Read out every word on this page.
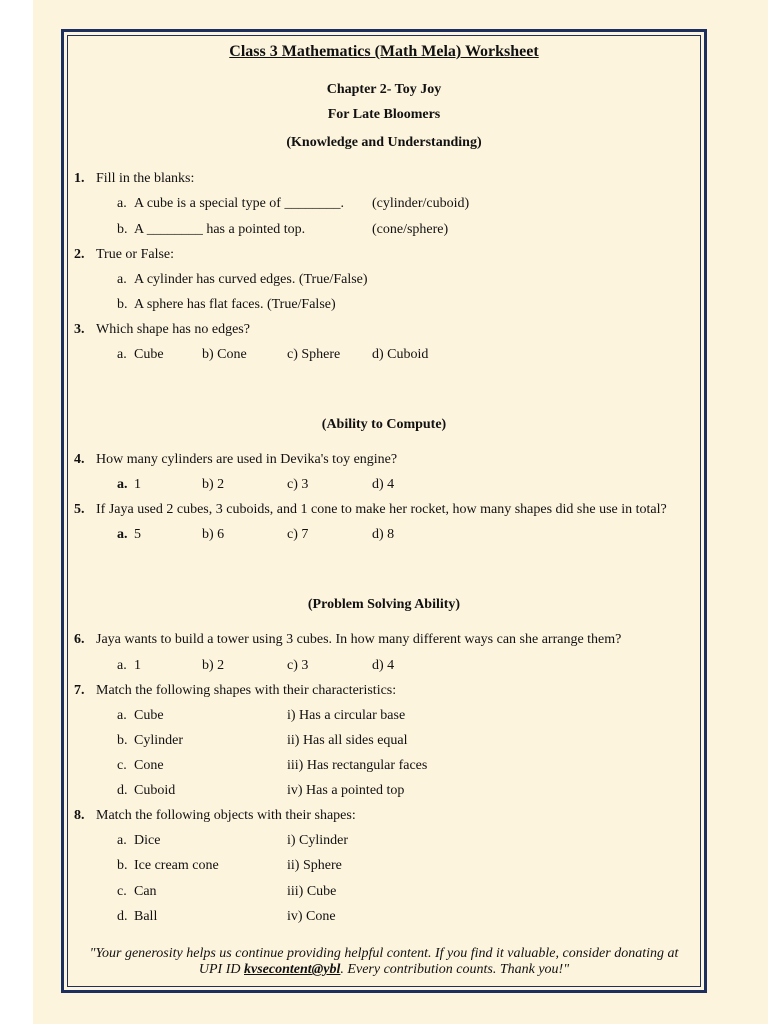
Class 3 Mathematics (Math Mela) Worksheet
Chapter 2- Toy Joy
For Late Bloomers
(Knowledge and Understanding)
1. Fill in the blanks:
a. A cube is a special type of ________. (cylinder/cuboid)
b. A ________ has a pointed top.	(cone/sphere)
2. True or False:
a. A cylinder has curved edges. (True/False)
b. A sphere has flat faces. (True/False)
3. Which shape has no edges?
a. Cube	b) Cone	c) Sphere d) Cuboid
(Ability to Compute)
4. How many cylinders are used in Devika's toy engine?
a. 1	b) 2	c) 3	d) 4
5. If Jaya used 2 cubes, 3 cuboids, and 1 cone to make her rocket, how many shapes did she use in total?
a. 5	b) 6	c) 7	d) 8
(Problem Solving Ability)
6. Jaya wants to build a tower using 3 cubes. In how many different ways can she arrange them?
a. 1	b) 2	c) 3	d) 4
7. Match the following shapes with their characteristics:
a. Cube	i) Has a circular base
b. Cylinder	ii) Has all sides equal
c. Cone	iii) Has rectangular faces
d. Cuboid	iv) Has a pointed top
8. Match the following objects with their shapes:
a. Dice	i) Cylinder
b. Ice cream cone	ii) Sphere
c. Can	iii) Cube
d. Ball	iv) Cone
"Your generosity helps us continue providing helpful content. If you find it valuable, consider donating at
UPI ID kvsecontent@ybl. Every contribution counts. Thank you!"
